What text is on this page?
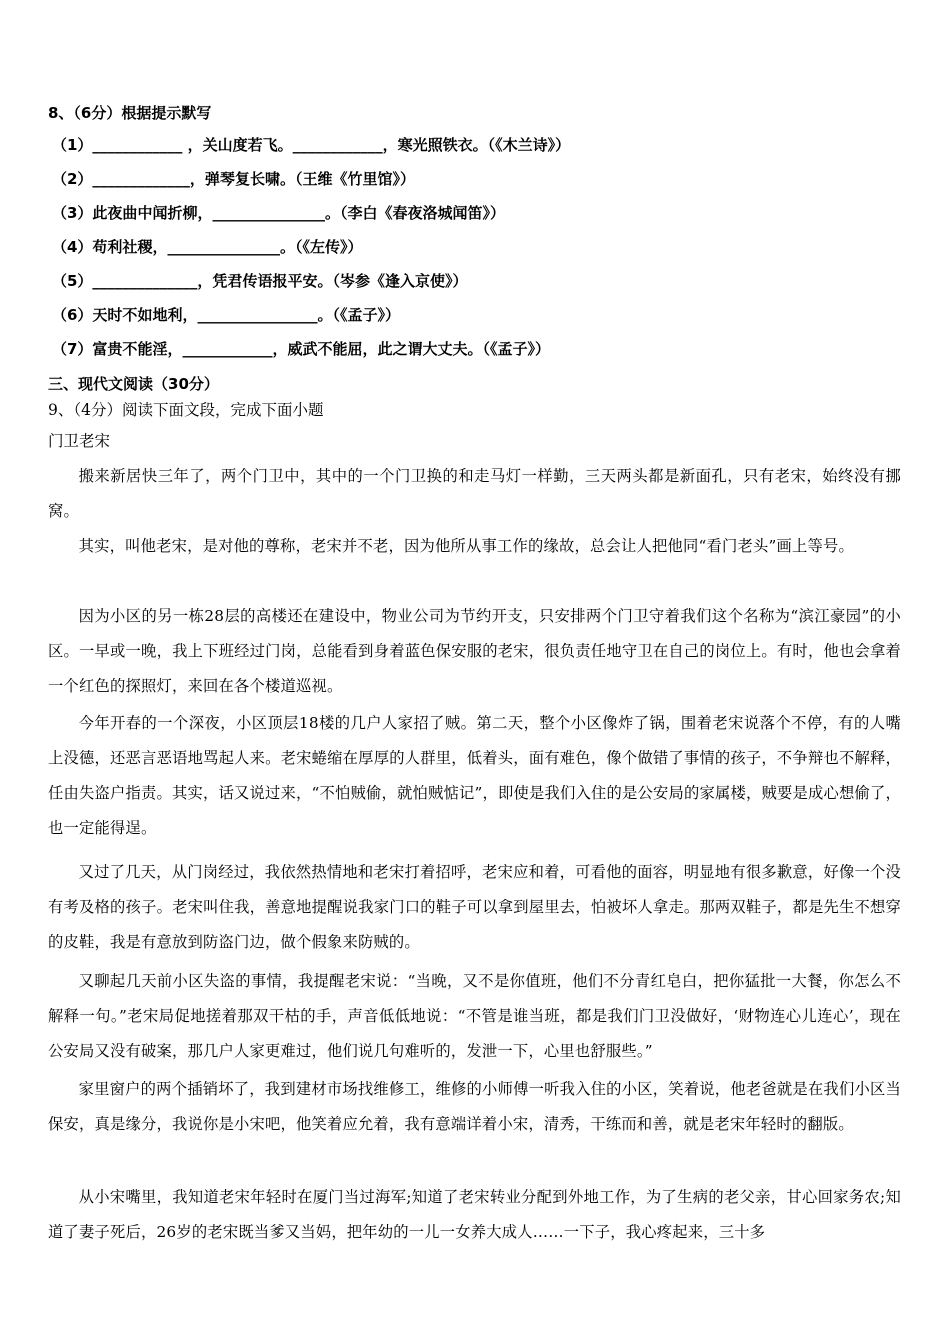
8、（6分）根据提示默写
（1）____________ ，关山度若飞。____________，寒光照铁衣。（《木兰诗》）
（2）_____________，弹琴复长啸。（王维《竹里馆》）
（3）此夜曲中闻折柳，_______________。（李白《春夜洛城闻笛》）
（4）苟利社稷，_______________。（《左传》）
（5）______________，凭君传语报平安。（岑参《逢入京使》）
（6）天时不如地利，________________。（《孟子》）
（7）富贵不能淫，____________，威武不能屈，此之谓大丈夫。（《孟子》）
三、现代文阅读（30分）
9、（4分）阅读下面文段，完成下面小题
门卫老宋

搬来新居快三年了，两个门卫中，其中的一个门卫换的和走马灯一样勤，三天两头都是新面孔，只有老宋，始终没有挪窝。

其实，叫他老宋，是对他的尊称，老宋并不老，因为他所从事工作的缘故，总会让人把他同“看门老头”画上等号。

因为小区的另一栋28层的高楼还在建设中，物业公司为节约开支，只安排两个门卫守着我们这个名称为“滨江豪园”的小区。一早或一晚，我上下班经过门岗，总能看到身着蓝色保安服的老宋，很负责任地守卫在自己的岗位上。有时，他也会拿着一个红色的探照灯，来回在各个楼道巡视。

今年开春的一个深夜，小区顶层18楼的几户人家招了贼。第二天，整个小区像炸了锅，围着老宋说落个不停，有的人嘴上没德，还恶言恶语地骂起人来。老宋蜷缩在厚厚的人群里，低着头，面有难色，像个做错了事情的孩子，不争辩也不解释，任由失盗户指责。其实，话又说过来，“不怕贼偷，就怕贼惦记”，即使是我们入住的是公安局的家属楼，贼要是成心想偷了，也一定能得逞。

又过了几天，从门岗经过，我依然热情地和老宋打着招呼，老宋应和着，可看他的面容，明显地有很多歉意，好像一个没有考及格的孩子。老宋叫住我，善意地提醒说我家门口的鞋子可以拿到屋里去，怕被坏人拿走。那两双鞋子，都是先生不想穿的皮鞋，我是有意放到防盗门边，做个假象来防贼的。

又聊起几天前小区失盗的事情，我提醒老宋说：“当晚，又不是你值班，他们不分青红皂白，把你猛批一大餐，你怎么不解释一句。”老宋局促地搓着那双干枯的手，声音低低地说：“不管是谁当班，都是我们门卫没做好，‘财物连心儿连心’，现在公安局又没有破案，那几户人家更难过，他们说几句难听的，发泄一下，心里也舒服些。”

家里窗户的两个插销坏了，我到建材市场找维修工，维修的小师傅一听我入住的小区，笑着说，他老爸就是在我们小区当保安，真是缘分，我说你是小宋吧，他笑着应允着，我有意端详着小宋，清秀，干练而和善，就是老宋年轻时的翻版。

从小宋嘴里，我知道老宋年轻时在厦门当过海军;知道了老宋转业分配到外地工作，为了生病的老父亲，甘心回家务农;知道了妻子死后，26岁的老宋既当爹又当妈，把年幼的一儿一女养大成人……一下子，我心疼起来，三十多
